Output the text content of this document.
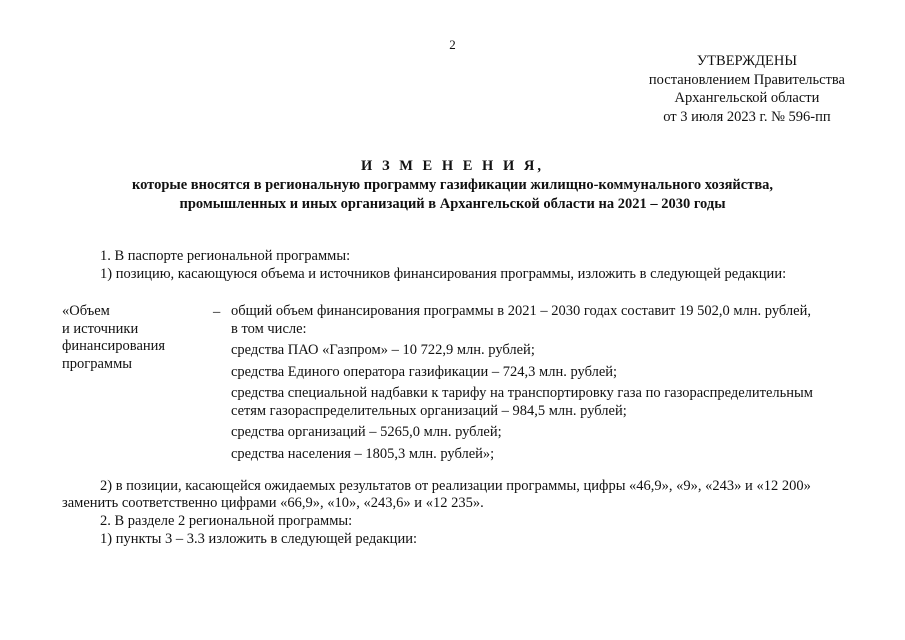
2
УТВЕРЖДЕНЫ
постановлением Правительства
Архангельской области
от 3 июля 2023 г. № 596-пп
И З М Е Н Е Н И Я,
которые вносятся в региональную программу газификации жилищно-коммунального хозяйства,
промышленных и иных организаций в Архангельской области на 2021 – 2030 годы
1. В паспорте региональной программы:
1) позицию, касающуюся объема и источников финансирования программы, изложить в следующей редакции:
«Объем
и источники
финансирования
программы
– общий объем финансирования программы в 2021 – 2030 годах составит 19 502,0 млн. рублей,
в том числе:
средства ПАО «Газпром» – 10 722,9 млн. рублей;
средства Единого оператора газификации – 724,3 млн. рублей;
средства специальной надбавки к тарифу на транспортировку газа по газораспределительным
сетям газораспределительных организаций – 984,5 млн. рублей;
средства организаций – 5265,0 млн. рублей;
средства населения – 1805,3 млн. рублей»;
2) в позиции, касающейся ожидаемых результатов от реализации программы, цифры «46,9», «9», «243» и «12 200»
заменить соответственно цифрами «66,9», «10», «243,6» и «12 235».
2. В разделе 2 региональной программы:
1) пункты 3 – 3.3 изложить в следующей редакции:
